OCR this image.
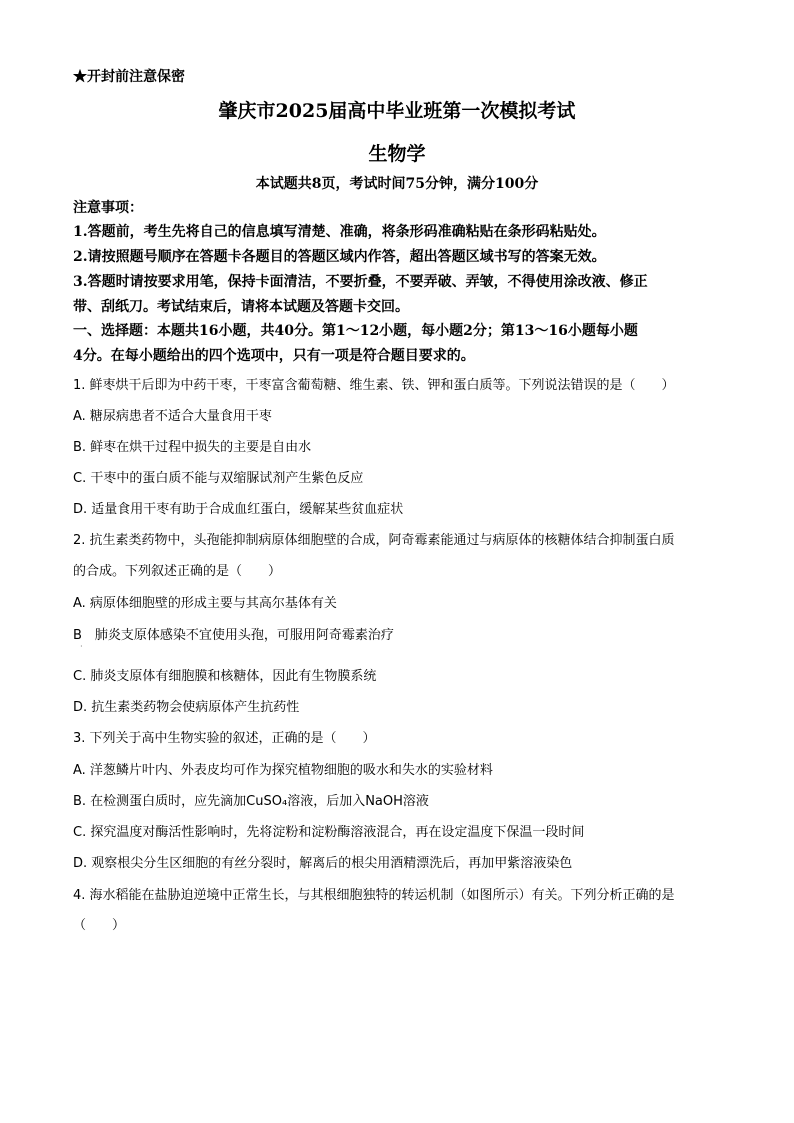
★开封前注意保密
肇庆市2025届高中毕业班第一次模拟考试
生物学
本试题共8页，考试时间75分钟，满分100分
注意事项：
1.答题前，考生先将自己的信息填写清楚、准确，将条形码准确粘贴在条形码粘贴处。
2.请按照题号顺序在答题卡各题目的答题区域内作答，超出答题区域书写的答案无效。
3.答题时请按要求用笔，保持卡面清洁，不要折叠，不要弄破、弄皱，不得使用涂改液、修正
带、刮纸刀。考试结束后，请将本试题及答题卡交回。
一、选择题：本题共16小题，共40分。第1～12小题，每小题2分；第13～16小题每小题
4分。在每小题给出的四个选项中，只有一项是符合题目要求的。
1. 鲜枣烘干后即为中药干枣，干枣富含葡萄糖、维生素、铁、钾和蛋白质等。下列说法错误的是（　　）
A. 糖尿病患者不适合大量食用干枣
B. 鲜枣在烘干过程中损失的主要是自由水
C. 干枣中的蛋白质不能与双缩脲试剂产生紫色反应
D. 适量食用干枣有助于合成血红蛋白，缓解某些贫血症状
2. 抗生素类药物中，头孢能抑制病原体细胞壁的合成，阿奇霉素能通过与病原体的核糖体结合抑制蛋白质
的合成。下列叙述正确的是（　　）
A. 病原体细胞壁的形成主要与其高尔基体有关
B　肺炎支原体感染不宜使用头孢，可服用阿奇霉素治疗
·
C. 肺炎支原体有细胞膜和核糖体，因此有生物膜系统
D. 抗生素类药物会使病原体产生抗药性
3. 下列关于高中生物实验的叙述，正确的是（　　）
A. 洋葱鳞片叶内、外表皮均可作为探究植物细胞的吸水和失水的实验材料
B. 在检测蛋白质时，应先滴加CuSO₄溶液，后加入NaOH溶液
C. 探究温度对酶活性影响时，先将淀粉和淀粉酶溶液混合，再在设定温度下保温一段时间
D. 观察根尖分生区细胞的有丝分裂时，解离后的根尖用酒精漂洗后，再加甲紫溶液染色
4. 海水稻能在盐胁迫逆境中正常生长，与其根细胞独特的转运机制（如图所示）有关。下列分析正确的是
（　　）
